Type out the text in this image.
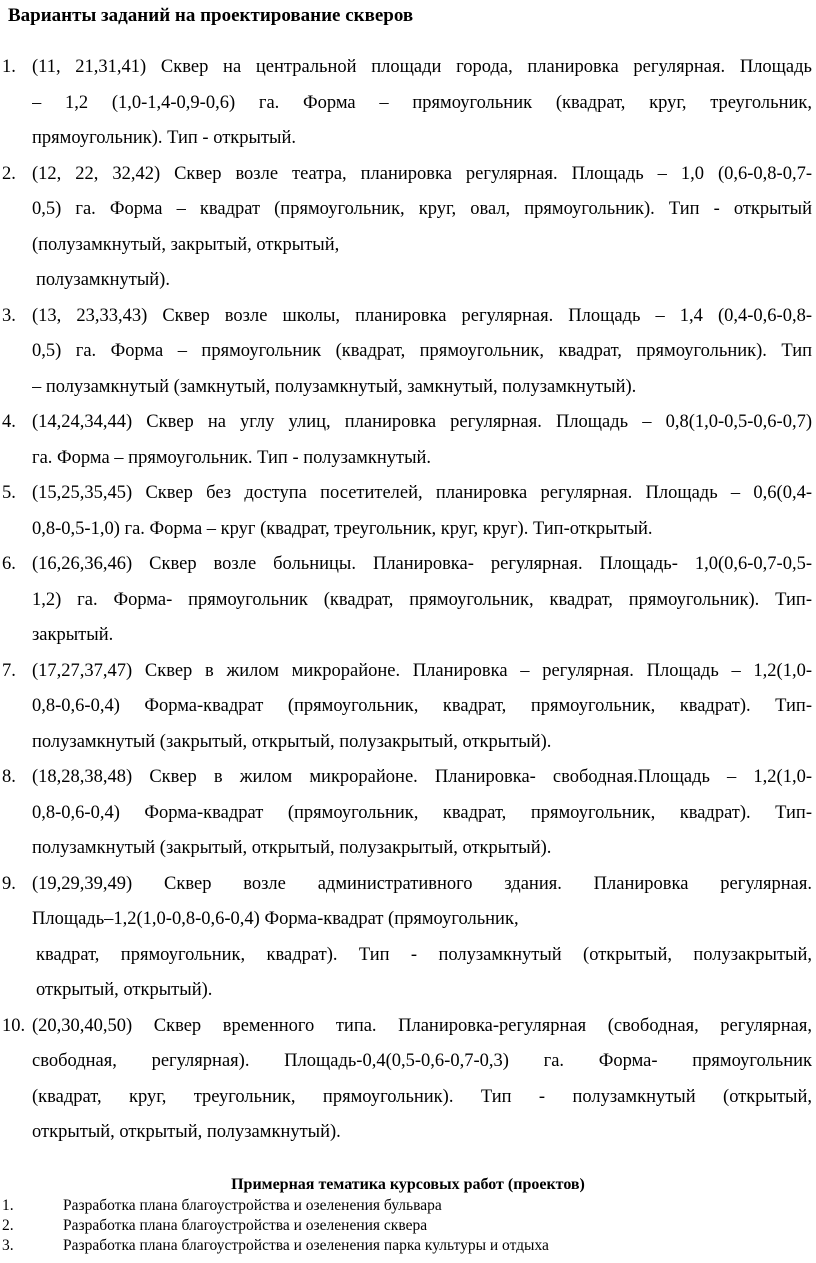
Варианты заданий на проектирование скверов
1. (11, 21,31,41) Сквер на центральной площади города, планировка регулярная. Площадь
– 1,2 (1,0-1,4-0,9-0,6) га. Форма – прямоугольник (квадрат, круг, треугольник,
прямоугольник). Тип - открытый.
2. (12, 22, 32,42) Сквер возле театра, планировка регулярная. Площадь – 1,0 (0,6-0,8-0,7-
0,5) га. Форма – квадрат (прямоугольник, круг, овал, прямоугольник). Тип - открытый
(полузамкнутый, закрытый, открытый,
полузамкнутый).
3. (13, 23,33,43) Сквер возле школы, планировка регулярная. Площадь – 1,4 (0,4-0,6-0,8-
0,5) га. Форма – прямоугольник (квадрат, прямоугольник, квадрат, прямоугольник). Тип
– полузамкнутый (замкнутый, полузамкнутый, замкнутый, полузамкнутый).
4. (14,24,34,44) Сквер на углу улиц, планировка регулярная. Площадь – 0,8(1,0-0,5-0,6-0,7)
га. Форма – прямоугольник. Тип - полузамкнутый.
5. (15,25,35,45) Сквер без доступа посетителей, планировка регулярная. Площадь – 0,6(0,4-
0,8-0,5-1,0) га. Форма – круг (квадрат, треугольник, круг, круг). Тип-открытый.
6. (16,26,36,46) Сквер возле больницы. Планировка- регулярная. Площадь- 1,0(0,6-0,7-0,5-
1,2) га. Форма- прямоугольник (квадрат, прямоугольник, квадрат, прямоугольник). Тип-
закрытый.
7. (17,27,37,47) Сквер в жилом микрорайоне. Планировка – регулярная. Площадь – 1,2(1,0-
0,8-0,6-0,4) Форма-квадрат (прямоугольник, квадрат, прямоугольник, квадрат). Тип-
полузамкнутый (закрытый, открытый, полузакрытый, открытый).
8. (18,28,38,48) Сквер в жилом микрорайоне. Планировка- свободная.Площадь – 1,2(1,0-
0,8-0,6-0,4) Форма-квадрат (прямоугольник, квадрат, прямоугольник, квадрат). Тип-
полузамкнутый (закрытый, открытый, полузакрытый, открытый).
9. (19,29,39,49) Сквер возле административного здания. Планировка регулярная.
Площадь–1,2(1,0-0,8-0,6-0,4) Форма-квадрат (прямоугольник,
квадрат, прямоугольник, квадрат). Тип - полузамкнутый (открытый, полузакрытый,
открытый, открытый).
10. (20,30,40,50) Сквер временного типа. Планировка-регулярная (свободная, регулярная,
свободная, регулярная). Площадь-0,4(0,5-0,6-0,7-0,3) га. Форма- прямоугольник
(квадрат, круг, треугольник, прямоугольник). Тип - полузамкнутый (открытый,
открытый, открытый, полузамкнутый).
Примерная тематика курсовых работ (проектов)
1.	Разработка плана благоустройства и озеленения бульвара
2.	Разработка плана благоустройства и озеленения сквера
3.	Разработка плана благоустройства и озеленения парка культуры и отдыха
